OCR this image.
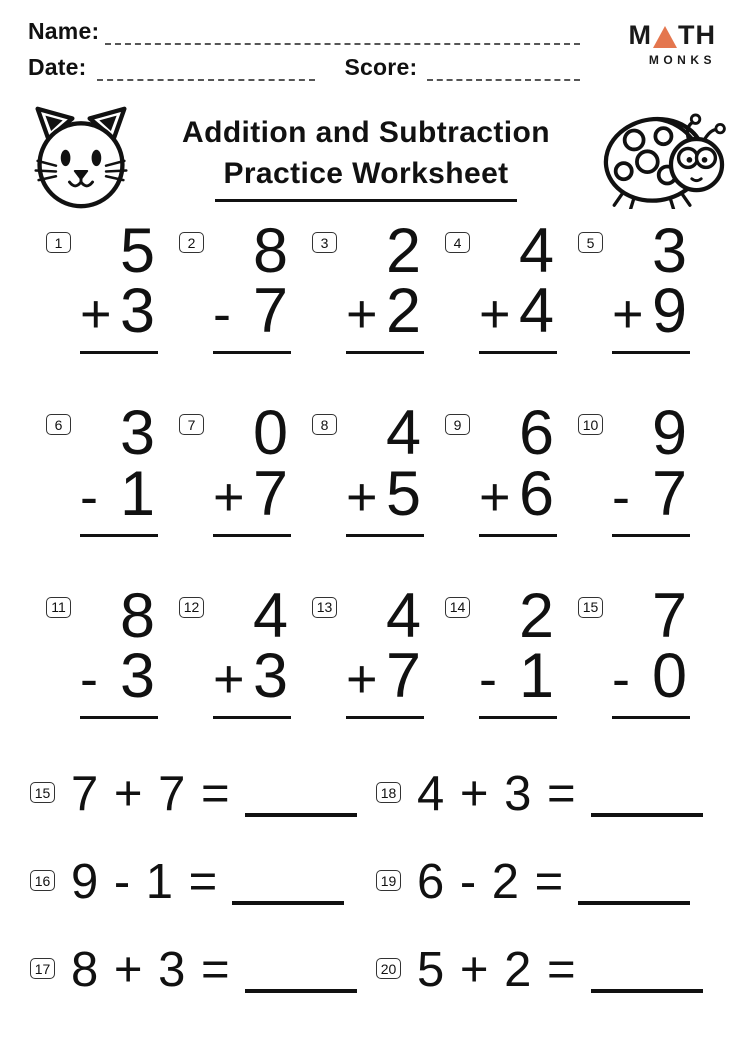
Name:
Date:	Score:
M TH
MONKS
Addition and Subtraction
Practice Worksheet
1 5
+ 3
2 8
- 7
3 2
+ 2
4 4
+ 4
5 3
+ 9
6 3
- 1
7 0
+ 7
8 4
+ 5
9 6
+ 6
10 9
- 7
11 8
- 3
12 4
+ 3
13 4
+ 7
14 2
- 1
15 7
- 0
15 7 + 7 =	18 4 + 3 =
16 9 - 1 =	19 6 - 2 =
17 8 + 3 =	20 5 + 2 =
